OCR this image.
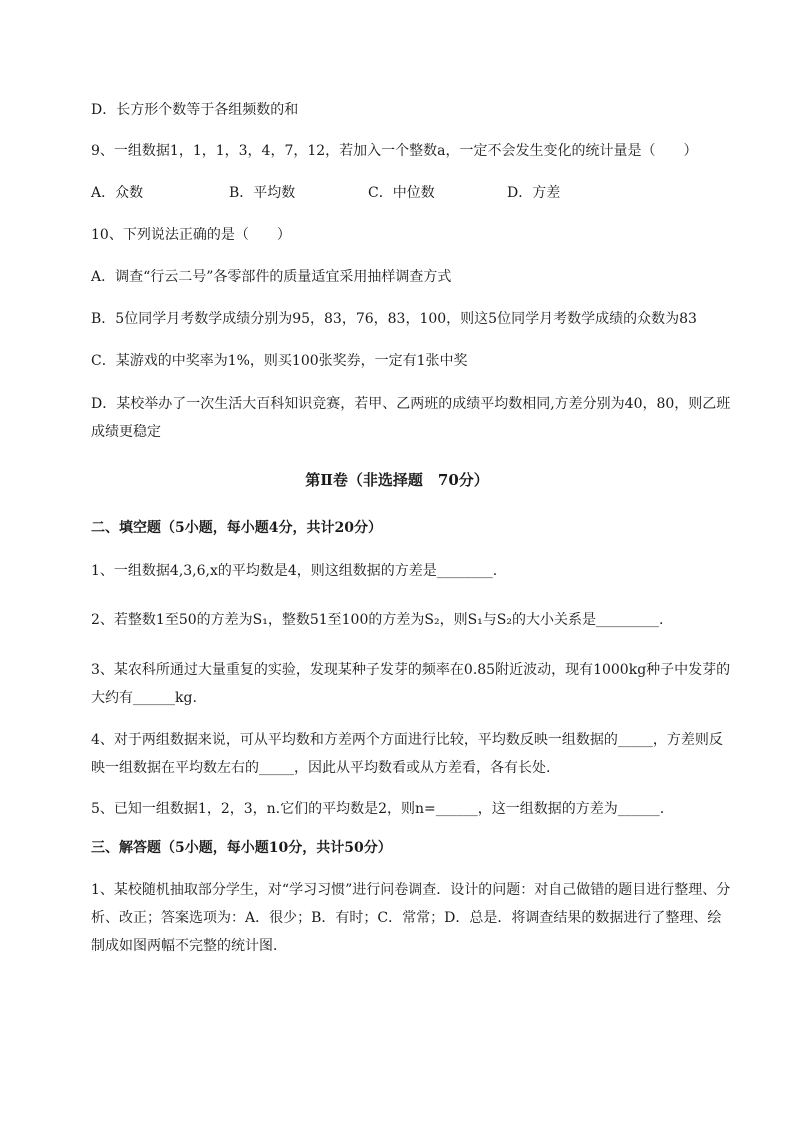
D．长方形个数等于各组频数的和
9、一组数据1，1，1，3，4，7，12，若加入一个整数a，一定不会发生变化的统计量是（　　）
A．众数	B．平均数	C．中位数	D．方差
10、下列说法正确的是（　　）
A．调查“行云二号”各零部件的质量适宜采用抽样调查方式
B．5位同学月考数学成绩分别为95，83，76，83，100，则这5位同学月考数学成绩的众数为83
C．某游戏的中奖率为1%，则买100张奖券，一定有1张中奖
D．某校举办了一次生活大百科知识竞赛，若甲、乙两班的成绩平均数相同,方差分别为40，80，则乙班成绩更稳定
第Ⅱ卷（非选择题　70分）
二、填空题（5小题，每小题4分，共计20分）
1、一组数据4,3,6,x的平均数是4，则这组数据的方差是________.
2、若整数1至50的方差为S₁，整数51至100的方差为S₂，则S₁与S₂的大小关系是_________.
3、某农科所通过大量重复的实验，发现某种子发芽的频率在0.85附近波动，现有1000kg种子中发芽的大约有______kg.
4、对于两组数据来说，可从平均数和方差两个方面进行比较，平均数反映一组数据的_____，方差则反映一组数据在平均数左右的_____，因此从平均数看或从方差看，各有长处.
5、已知一组数据1，2，3，n.它们的平均数是2，则n=______，这一组数据的方差为______.
三、解答题（5小题，每小题10分，共计50分）
1、某校随机抽取部分学生，对“学习习惯”进行问卷调查．设计的问题：对自己做错的题目进行整理、分析、改正；答案选项为：A．很少；B．有时；C．常常；D．总是．将调查结果的数据进行了整理、绘制成如图两幅不完整的统计图．
